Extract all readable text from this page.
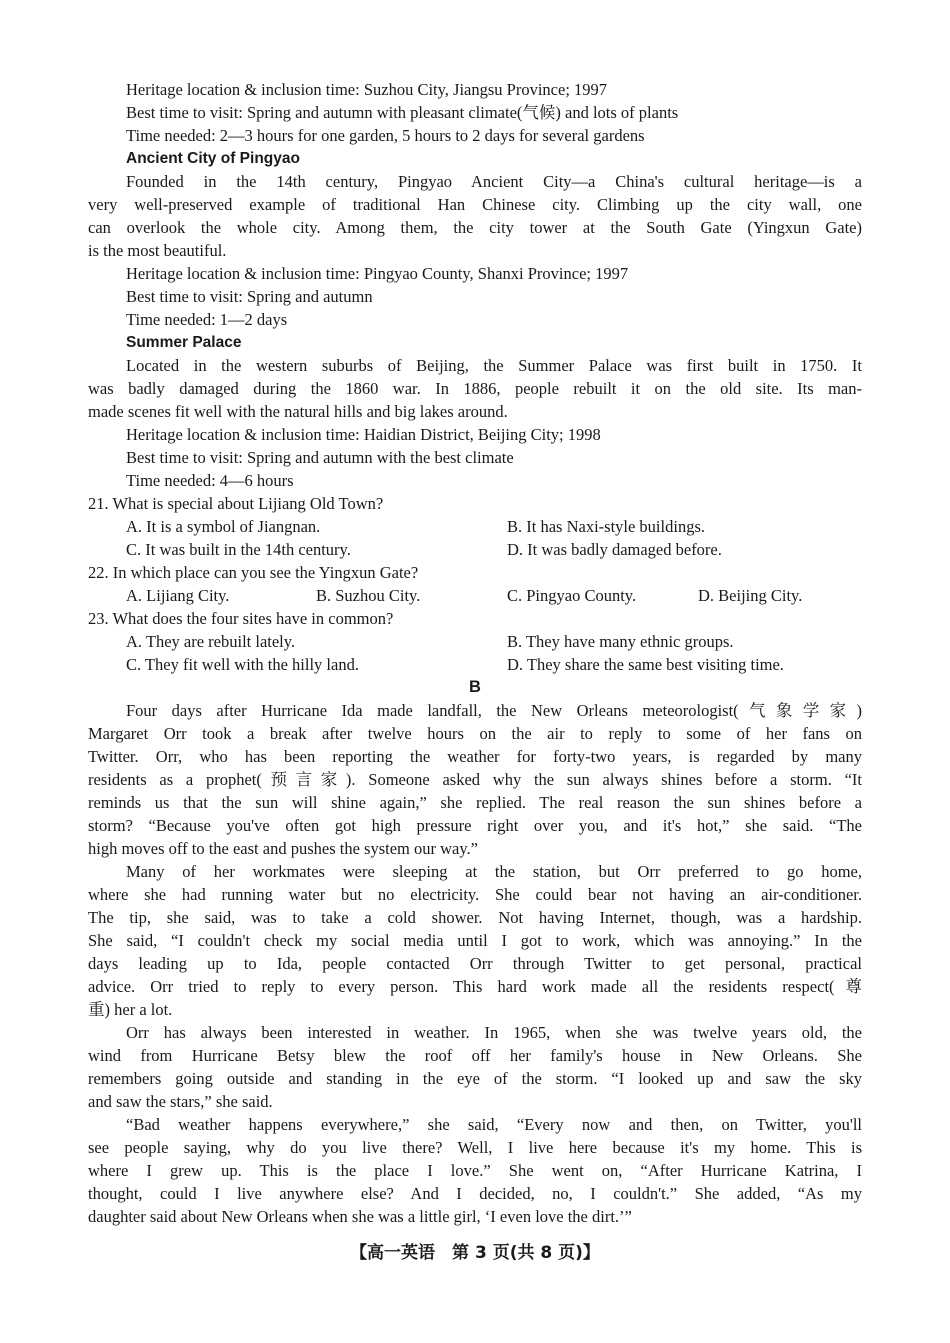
Heritage location & inclusion time: Suzhou City, Jiangsu Province; 1997
Best time to visit: Spring and autumn with pleasant climate(气候) and lots of plants
Time needed: 2—3 hours for one garden, 5 hours to 2 days for several gardens
Ancient City of Pingyao
Founded in the 14th century, Pingyao Ancient City—a China's cultural heritage—is a
very well-preserved example of traditional Han Chinese city. Climbing up the city wall, one
can overlook the whole city. Among them, the city tower at the South Gate (Yingxun Gate)
is the most beautiful.
Heritage location & inclusion time: Pingyao County, Shanxi Province; 1997
Best time to visit: Spring and autumn
Time needed: 1—2 days
Summer Palace
Located in the western suburbs of Beijing, the Summer Palace was first built in 1750. It
was badly damaged during the 1860 war. In 1886, people rebuilt it on the old site. Its man-
made scenes fit well with the natural hills and big lakes around.
Heritage location & inclusion time: Haidian District, Beijing City; 1998
Best time to visit: Spring and autumn with the best climate
Time needed: 4—6 hours
21. What is special about Lijiang Old Town?
A. It is a symbol of Jiangnan.	B. It has Naxi-style buildings.
C. It was built in the 14th century.	D. It was badly damaged before.
22. In which place can you see the Yingxun Gate?
A. Lijiang City.	B. Suzhou City.	C. Pingyao County.	D. Beijing City.
23. What does the four sites have in common?
A. They are rebuilt lately.	B. They have many ethnic groups.
C. They fit well with the hilly land.	D. They share the same best visiting time.
B
Four days after Hurricane Ida made landfall, the New Orleans meteorologist(气象学家)
Margaret Orr took a break after twelve hours on the air to reply to some of her fans on
Twitter. Orr, who has been reporting the weather for forty-two years, is regarded by many
residents as a prophet(预言家). Someone asked why the sun always shines before a storm. “It
reminds us that the sun will shine again,” she replied. The real reason the sun shines before a
storm? “Because you've often got high pressure right over you, and it's hot,” she said. “The
high moves off to the east and pushes the system our way.”
Many of her workmates were sleeping at the station, but Orr preferred to go home,
where she had running water but no electricity. She could bear not having an air-conditioner.
The tip, she said, was to take a cold shower. Not having Internet, though, was a hardship.
She said, “I couldn't check my social media until I got to work, which was annoying.” In the
days leading up to Ida, people contacted Orr through Twitter to get personal, practical
advice. Orr tried to reply to every person. This hard work made all the residents respect(尊
重) her a lot.
Orr has always been interested in weather. In 1965, when she was twelve years old, the
wind from Hurricane Betsy blew the roof off her family's house in New Orleans. She
remembers going outside and standing in the eye of the storm. “I looked up and saw the sky
and saw the stars,” she said.
“Bad weather happens everywhere,” she said, “Every now and then, on Twitter, you'll
see people saying, why do you live there? Well, I live here because it's my home. This is
where I grew up. This is the place I love.” She went on, “After Hurricane Katrina, I
thought, could I live anywhere else? And I decided, no, I couldn't.” She added, “As my
daughter said about New Orleans when she was a little girl, ‘I even love the dirt.’”
【高一英语　第 3 页(共 8 页)】
